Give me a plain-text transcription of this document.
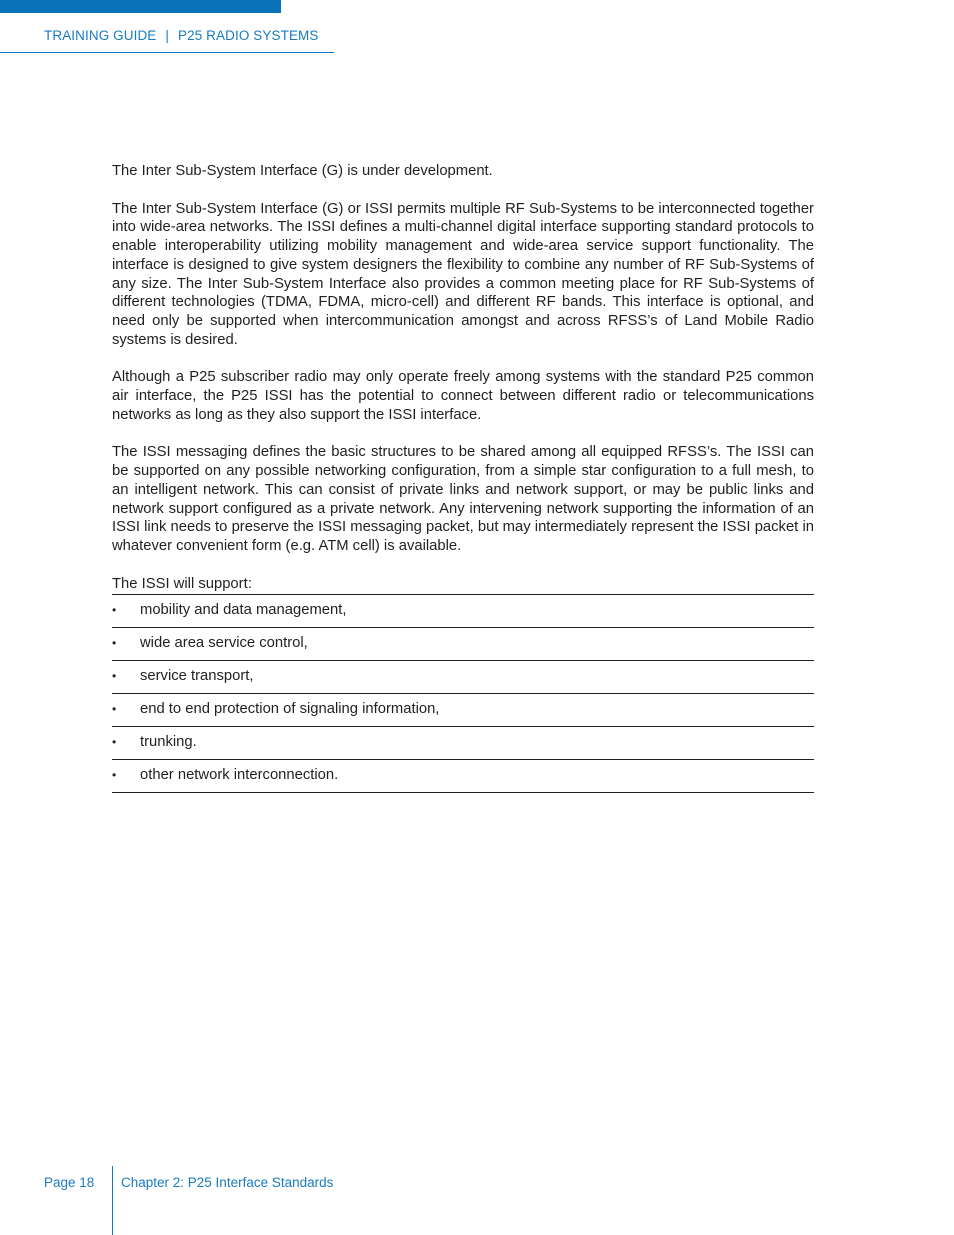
TRAINING GUIDE | P25 RADIO SYSTEMS

The Inter Sub-System Interface (G) is under development.

The Inter Sub-System Interface (G) or ISSI permits multiple RF Sub-Systems to be interconnected together into wide-area networks. The ISSI defines a multi-channel digital interface supporting standard protocols to enable interoperability utilizing mobility management and wide-area service support functionality. The interface is designed to give system designers the flexibility to combine any number of RF Sub-Systems of any size. The Inter Sub-System Interface also provides a common meeting place for RF Sub-Systems of different technologies (TDMA, FDMA, micro-cell) and different RF bands. This interface is optional, and need only be supported when intercommunication amongst and across RFSS’s of Land Mobile Radio systems is desired.

Although a P25 subscriber radio may only operate freely among systems with the standard P25 common air interface, the P25 ISSI has the potential to connect between different radio or telecommunications networks as long as they also support the ISSI interface.

The ISSI messaging defines the basic structures to be shared among all equipped RFSS’s. The ISSI can be supported on any possible networking configuration, from a simple star configuration to a full mesh, to an intelligent network. This can consist of private links and network support, or may be public links and network support configured as a private network. Any intervening network supporting the information of an ISSI link needs to preserve the ISSI messaging packet, but may intermediately represent the ISSI packet in whatever convenient form (e.g. ATM cell) is available.

The ISSI will support:
• mobility and data management,
• wide area service control,
• service transport,
• end to end protection of signaling information,
• trunking.
• other network interconnection.
Page 18 Chapter 2: P25 Interface Standards
